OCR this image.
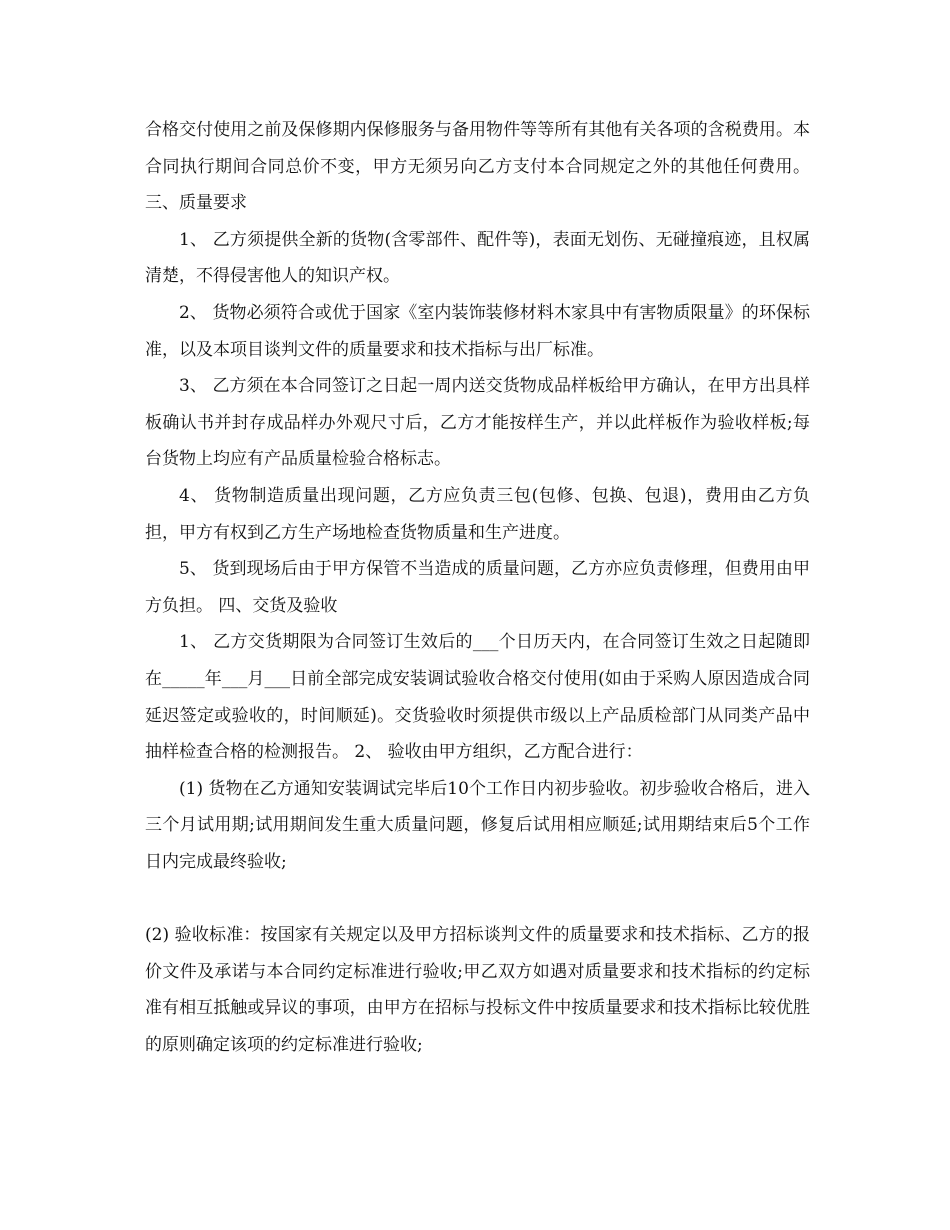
合格交付使用之前及保修期内保修服务与备用物件等等所有其他有关各项的含税费用。本合同执行期间合同总价不变，甲方无须另向乙方支付本合同规定之外的其他任何费用。 三、质量要求

1、 乙方须提供全新的货物(含零部件、配件等)，表面无划伤、无碰撞痕迹，且权属清楚，不得侵害他人的知识产权。

2、 货物必须符合或优于国家《室内装饰装修材料木家具中有害物质限量》的环保标准，以及本项目谈判文件的质量要求和技术指标与出厂标准。

3、 乙方须在本合同签订之日起一周内送交货物成品样板给甲方确认，在甲方出具样板确认书并封存成品样办外观尺寸后，乙方才能按样生产，并以此样板作为验收样板;每台货物上均应有产品质量检验合格标志。

4、 货物制造质量出现问题，乙方应负责三包(包修、包换、包退)，费用由乙方负担，甲方有权到乙方生产场地检查货物质量和生产进度。

5、 货到现场后由于甲方保管不当造成的质量问题，乙方亦应负责修理，但费用由甲方负担。 四、交货及验收

1、 乙方交货期限为合同签订生效后的___个日历天内，在合同签订生效之日起随即在_____年___月___日前全部完成安装调试验收合格交付使用(如由于采购人原因造成合同延迟签定或验收的，时间顺延)。交货验收时须提供市级以上产品质检部门从同类产品中抽样检查合格的检测报告。 2、 验收由甲方组织，乙方配合进行：

(1) 货物在乙方通知安装调试完毕后10个工作日内初步验收。初步验收合格后，进入三个月试用期;试用期间发生重大质量问题，修复后试用相应顺延;试用期结束后5个工作日内完成最终验收;

(2) 验收标准：按国家有关规定以及甲方招标谈判文件的质量要求和技术指标、乙方的报价文件及承诺与本合同约定标准进行验收;甲乙双方如遇对质量要求和技术指标的约定标准有相互抵触或异议的事项，由甲方在招标与投标文件中按质量要求和技术指标比较优胜的原则确定该项的约定标准进行验收;
